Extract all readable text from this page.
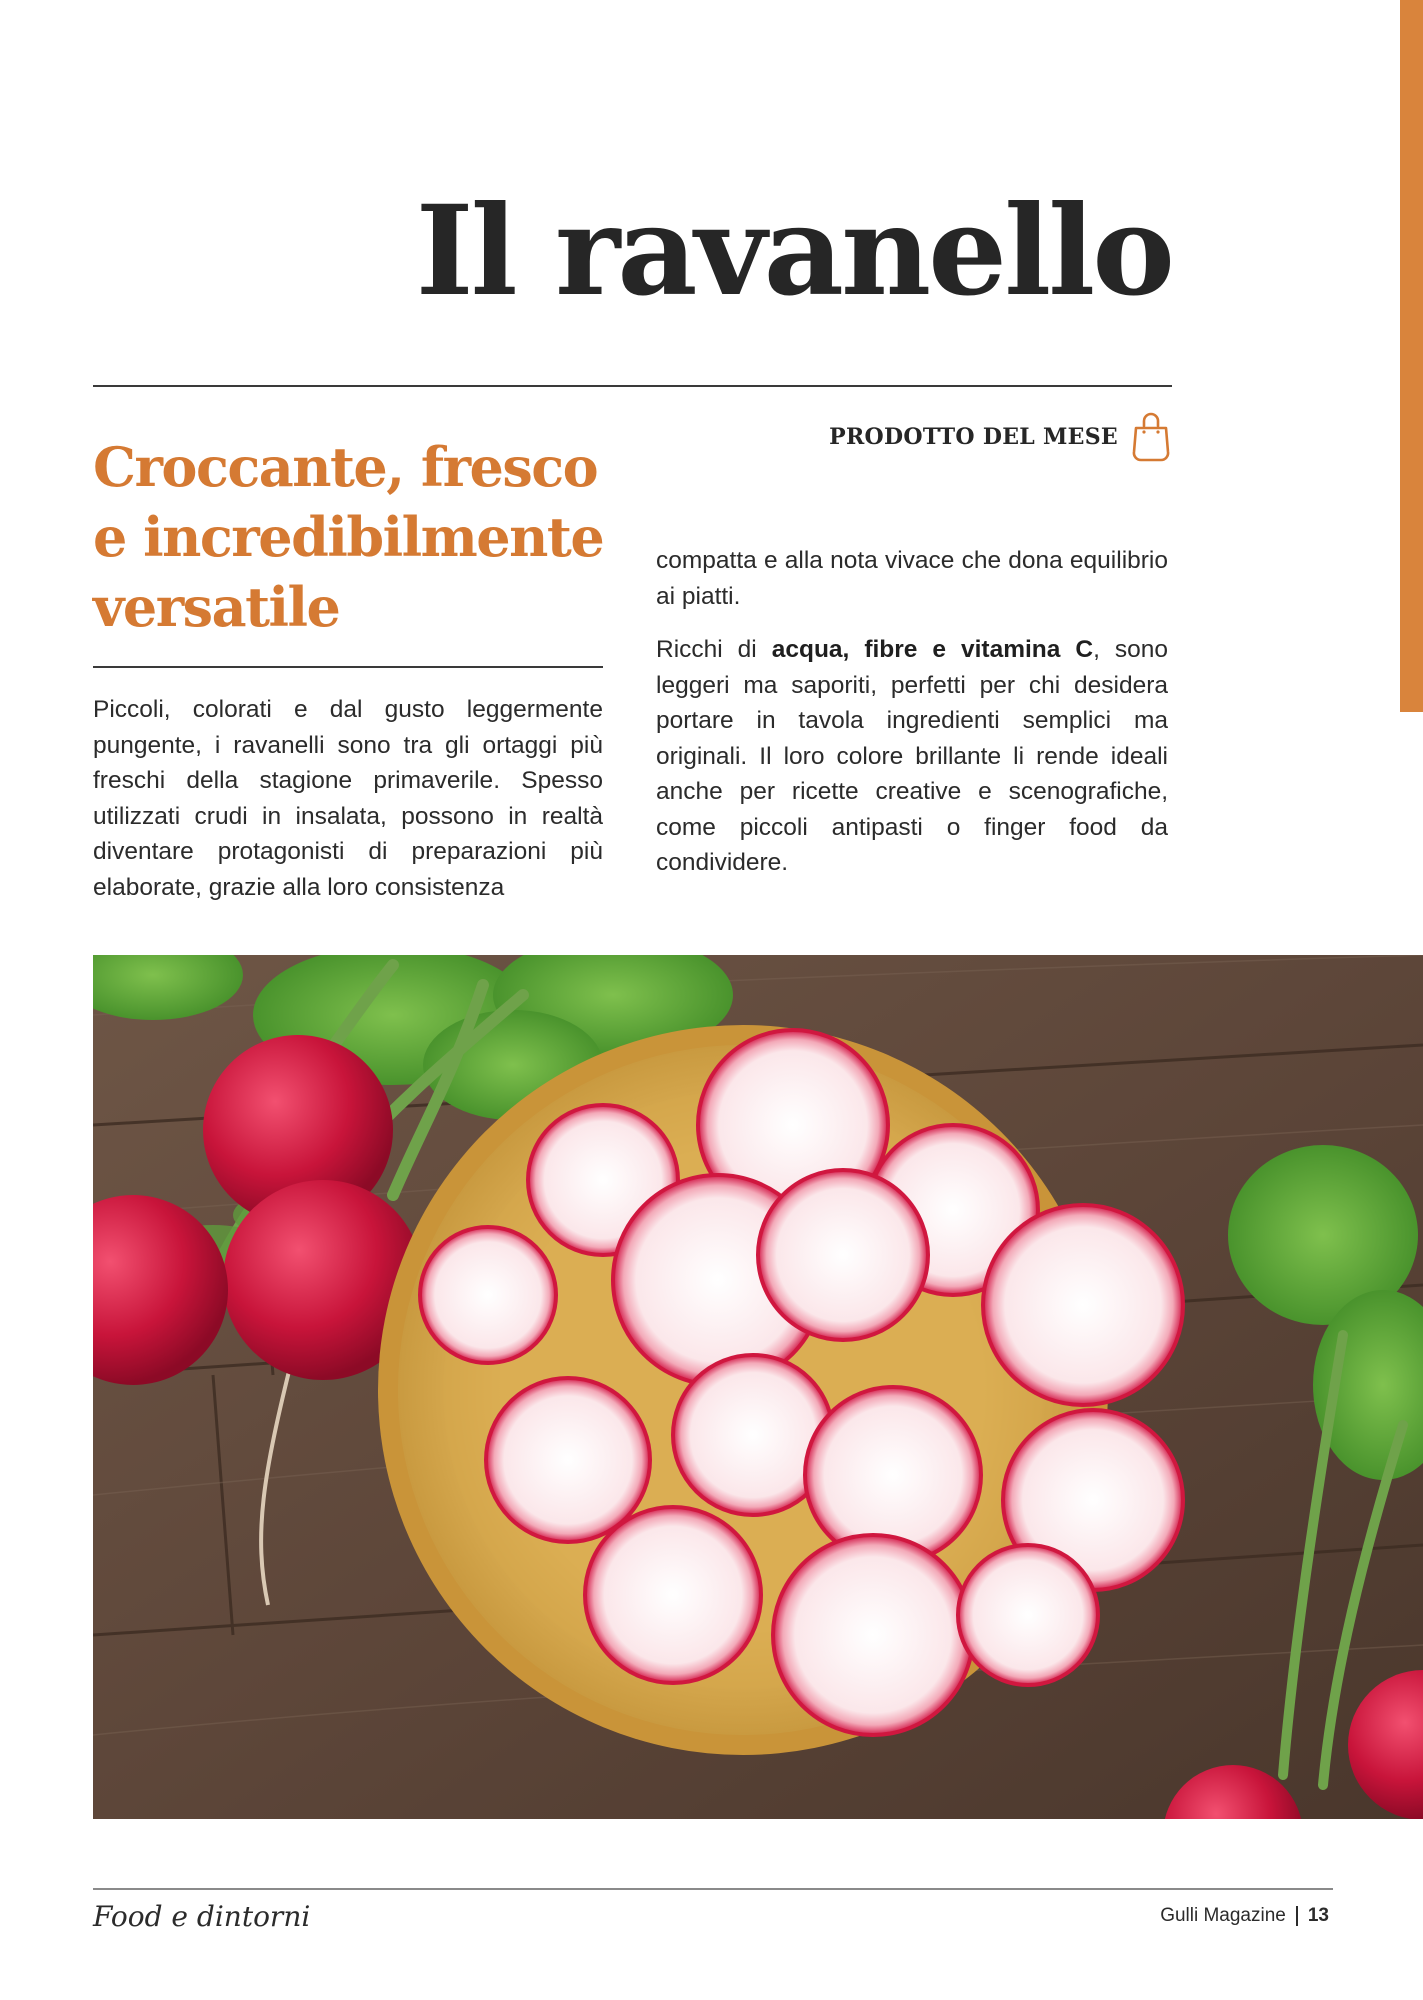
Il ravanello
PRODOTTO DEL MESE
Croccante, fresco e incredibilmente versatile

Piccoli, colorati e dal gusto leggermente pungente, i ravanelli sono tra gli ortaggi più freschi della stagione primaverile. Spesso utilizzati crudi in insalata, possono in realtà diventare protagonisti di preparazioni più elaborate, grazie alla loro consistenza

compatta e alla nota vivace che dona equilibrio ai piatti.

Ricchi di acqua, fibre e vitamina C, sono leggeri ma saporiti, perfetti per chi desidera portare in tavola ingredienti semplici ma originali. Il loro colore brillante li rende ideali anche per ricette creative e scenografiche, come piccoli antipasti o finger food da condividere.

Food e dintorni	Gulli Magazine 13
